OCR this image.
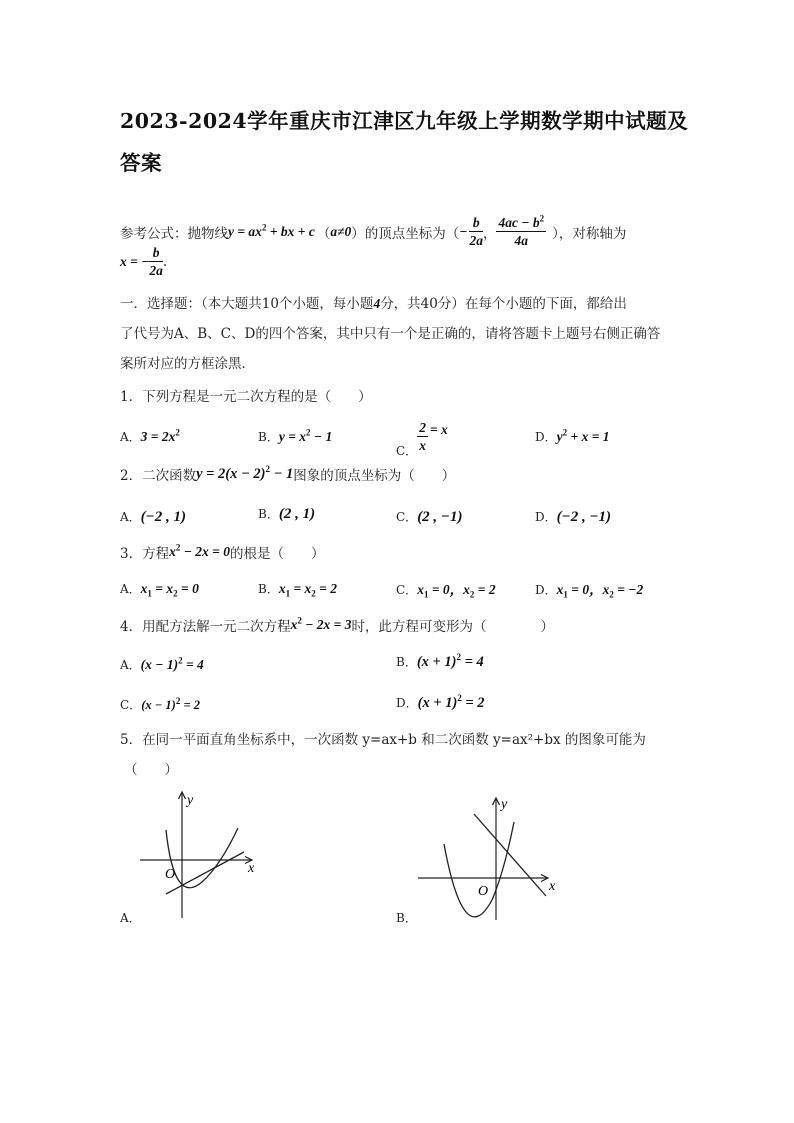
2023-2024学年重庆市江津区九年级上学期数学期中试题及
答案
参考公式：抛物线 $y = ax^2$ + bx + c （ a≠0 ）的顶点坐标为（ − $\frac{b}{2a}$ ， $\frac{4ac - b^2}{4a}$ ），对称轴为
x = − $\frac{b}{2a}$ .
一．选择题：（本大题共10个小题，每小题4分，共40分）在每个小题的下面，都给出
了代号为A、B、C、D的四个答案，其中只有一个是正确的，请将答题卡上题号右侧正确答
案所对应的方框涂黑．
1．下列方程是一元二次方程的是（　　）
A． $3 = 2x^2$	B． $y = x^2 - 1$
C． $\frac{2}{x} = x$
D． $y^2 + x = 1$
2．二次函数 $y = 2(x - 2)^2 - 1$ 图象的顶点坐标为（　　）
A．(−2 , 1)	B．(2 , 1)	C．(2 , −1)	D．(−2 , −1)
3．方程 $x^2 - 2x = 0$ 的根是（　　）
A．$x_1 = x_2 = 0$	B．$x_1 = x_2 = 2$	C．$x_1 = 0$，$x_2 = 2$	D．$x_1 = 0$，$x_2 = -2$
4．用配方法解一元二次方程 $x^2 - 2x = 3$ 时，此方程可变形为（　　　　）
A．$(x - 1)^2 = 4$	B．$(x + 1)^2 = 4$
C．$(x - 1)^2 = 2$	D．$(x + 1)^2 = 2$
5．在同一平面直角坐标系中，一次函数 y=ax+b 和二次函数 y=ax²+bx 的图象可能为
（　　）
y
x
O
A．
y
x
O
B．
